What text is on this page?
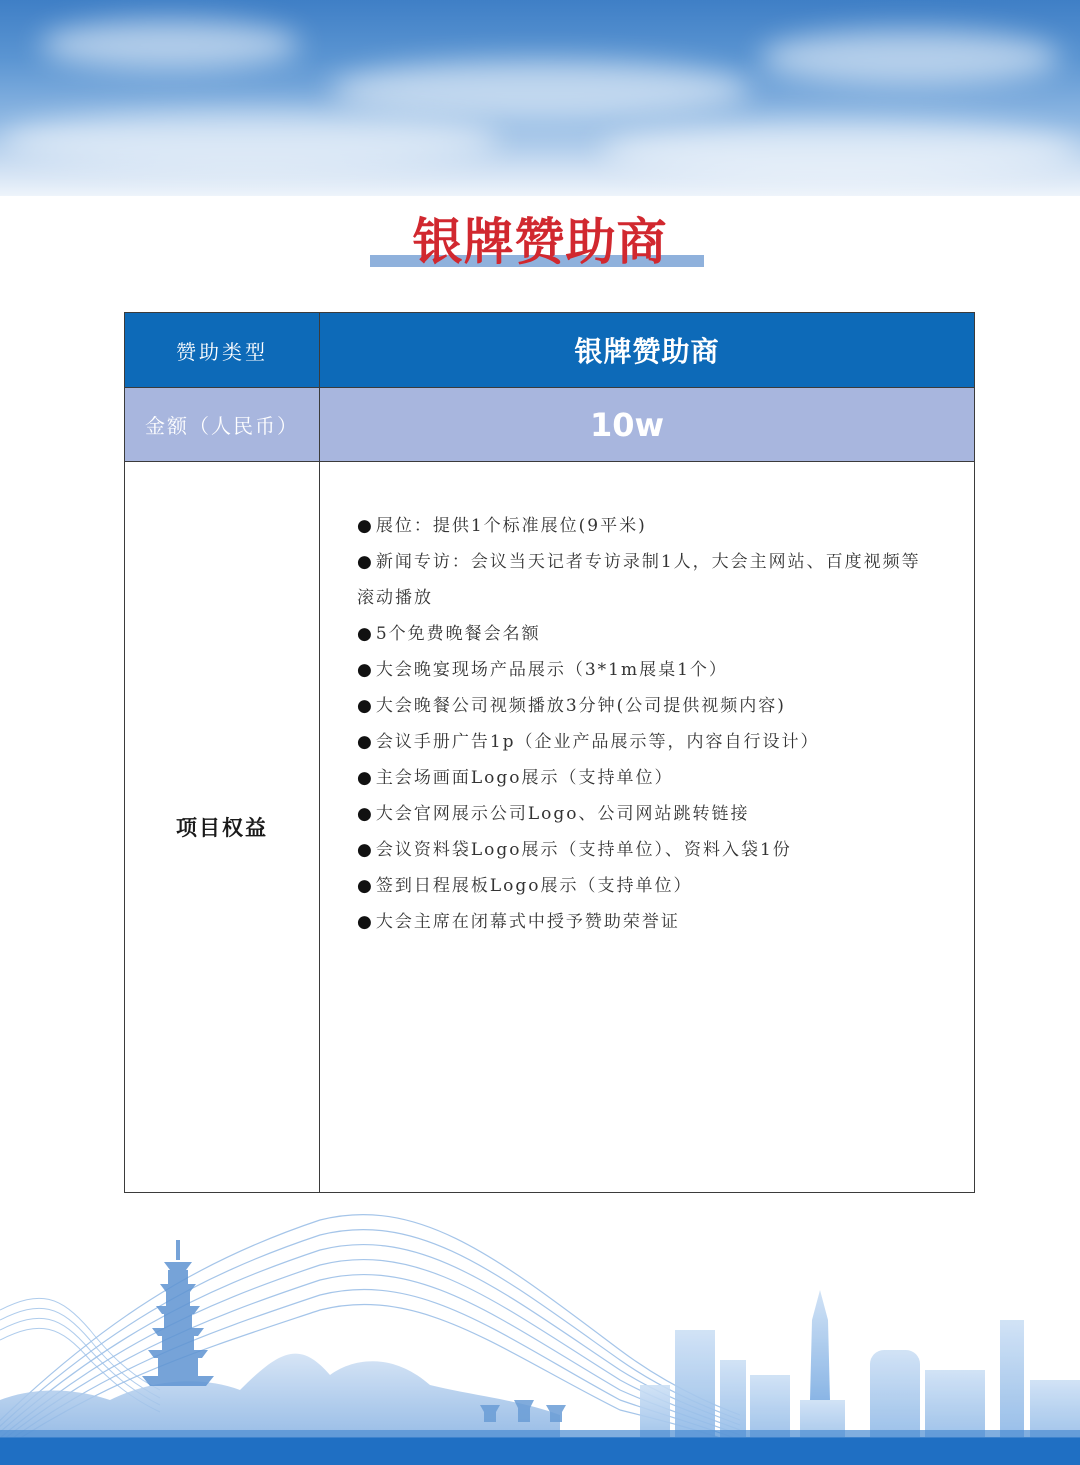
银牌赞助商
赞助类型	银牌赞助商
金额（人民币）	10w
项目权益
● 展位：提供1个标准展位(9平米)
● 新闻专访：会议当天记者专访录制1人，大会主网站、百度视频等滚动播放
● 5个免费晚餐会名额
● 大会晚宴现场产品展示（3*1m展桌1个）
● 大会晚餐公司视频播放3分钟(公司提供视频内容)
● 会议手册广告1p（企业产品展示等，内容自行设计）
● 主会场画面Logo展示（支持单位）
● 大会官网展示公司Logo、公司网站跳转链接
● 会议资料袋Logo展示（支持单位）、资料入袋1份
● 签到日程展板Logo展示（支持单位）
● 大会主席在闭幕式中授予赞助荣誉证
